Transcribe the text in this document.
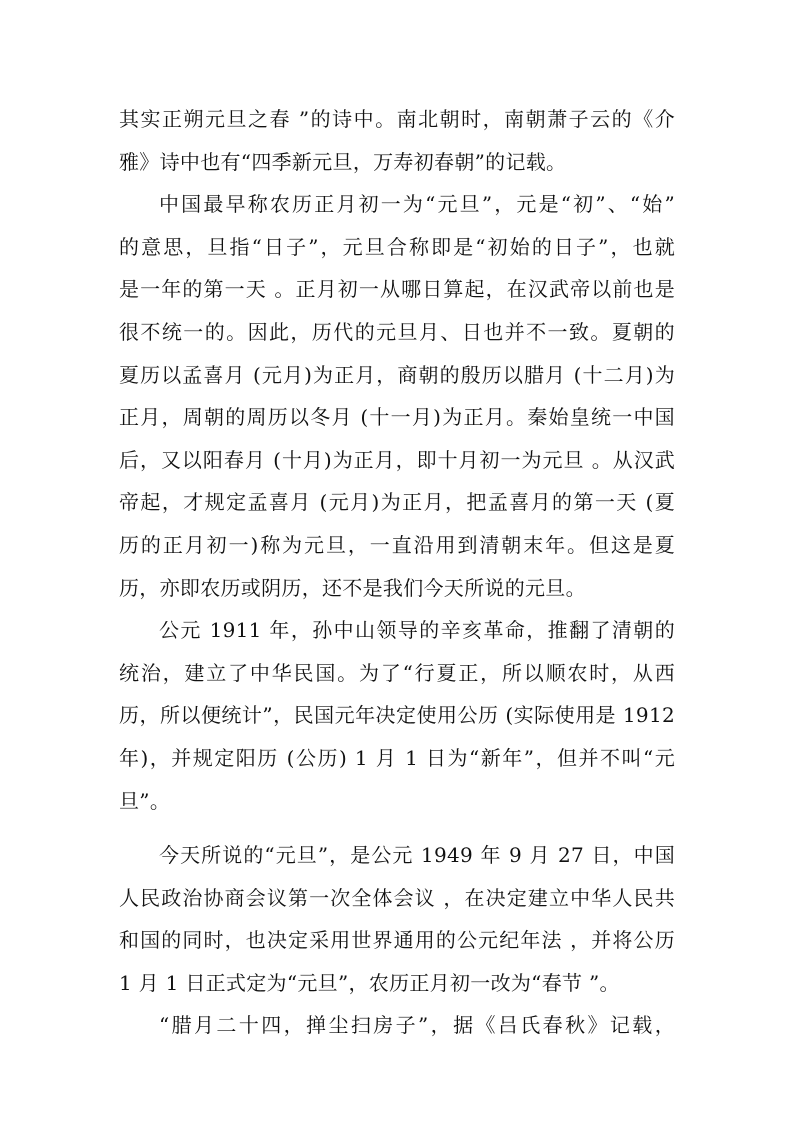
其实正朔元旦之春 ”的诗中。南北朝时，南朝萧子云的《介
雅》诗中也有“四季新元旦，万寿初春朝”的记载。
中国最早称农历正月初一为“元旦”，元是“初”、“始”
的意思，旦指“日子”，元旦合称即是“初始的日子”，也就
是一年的第一天 。正月初一从哪日算起，在汉武帝以前也是
很不统一的。因此，历代的元旦月、日也并不一致。夏朝的
夏历以孟喜月 (元月)为正月，商朝的殷历以腊月 (十二月)为
正月，周朝的周历以冬月 (十一月)为正月。秦始皇统一中国
后，又以阳春月 (十月)为正月，即十月初一为元旦 。从汉武
帝起，才规定孟喜月 (元月)为正月，把孟喜月的第一天 (夏
历的正月初一)称为元旦，一直沿用到清朝末年。但这是夏
历，亦即农历或阴历，还不是我们今天所说的元旦。
公元 1911 年，孙中山领导的辛亥革命，推翻了清朝的
统治，建立了中华民国。为了“行夏正，所以顺农时，从西
历，所以便统计”，民国元年决定使用公历 (实际使用是 1912
年)，并规定阳历 (公历) 1 月 1 日为“新年”，但并不叫“元
旦”。
今天所说的“元旦”，是公元 1949 年 9 月 27 日，中国
人民政治协商会议第一次全体会议 ，在决定建立中华人民共
和国的同时，也决定采用世界通用的公元纪年法 ，并将公历
1 月 1 日正式定为“元旦”，农历正月初一改为“春节 ”。
“腊月二十四，掸尘扫房子”，据《吕氏春秋》记载，
